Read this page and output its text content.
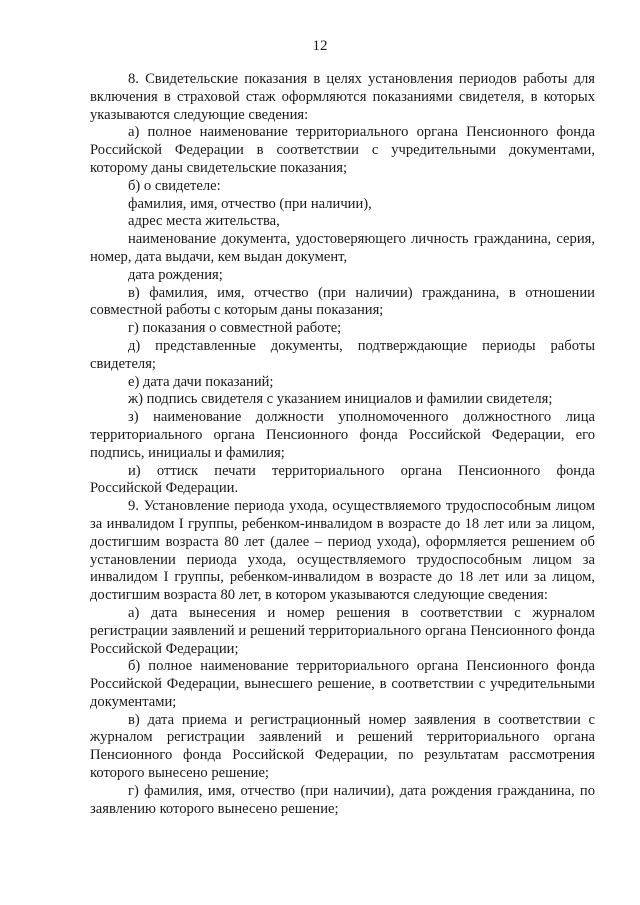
12

8. Свидетельские показания в целях установления периодов работы для включения в страховой стаж оформляются показаниями свидетеля, в которых указываются следующие сведения:

а) полное наименование территориального органа Пенсионного фонда Российской Федерации в соответствии с учредительными документами, которому даны свидетельские показания;

б) о свидетеле:

фамилия, имя, отчество (при наличии),

адрес места жительства,

наименование документа, удостоверяющего личность гражданина, серия, номер, дата выдачи, кем выдан документ,

дата рождения;

в) фамилия, имя, отчество (при наличии) гражданина, в отношении совместной работы с которым даны показания;

г) показания о совместной работе;

д) представленные документы, подтверждающие периоды работы свидетеля;

е) дата дачи показаний;

ж) подпись свидетеля с указанием инициалов и фамилии свидетеля;

з) наименование должности уполномоченного должностного лица территориального органа Пенсионного фонда Российской Федерации, его подпись, инициалы и фамилия;

и) оттиск печати территориального органа Пенсионного фонда Российской Федерации.

9. Установление периода ухода, осуществляемого трудоспособным лицом за инвалидом I группы, ребенком-инвалидом в возрасте до 18 лет или за лицом, достигшим возраста 80 лет (далее – период ухода), оформляется решением об установлении периода ухода, осуществляемого трудоспособным лицом за инвалидом I группы, ребенком-инвалидом в возрасте до 18 лет или за лицом, достигшим возраста 80 лет, в котором указываются следующие сведения:

а) дата вынесения и номер решения в соответствии с журналом регистрации заявлений и решений территориального органа Пенсионного фонда Российской Федерации;

б) полное наименование территориального органа Пенсионного фонда Российской Федерации, вынесшего решение, в соответствии с учредительными документами;

в) дата приема и регистрационный номер заявления в соответствии с журналом регистрации заявлений и решений территориального органа Пенсионного фонда Российской Федерации, по результатам рассмотрения которого вынесено решение;

г) фамилия, имя, отчество (при наличии), дата рождения гражданина, по заявлению которого вынесено решение;
